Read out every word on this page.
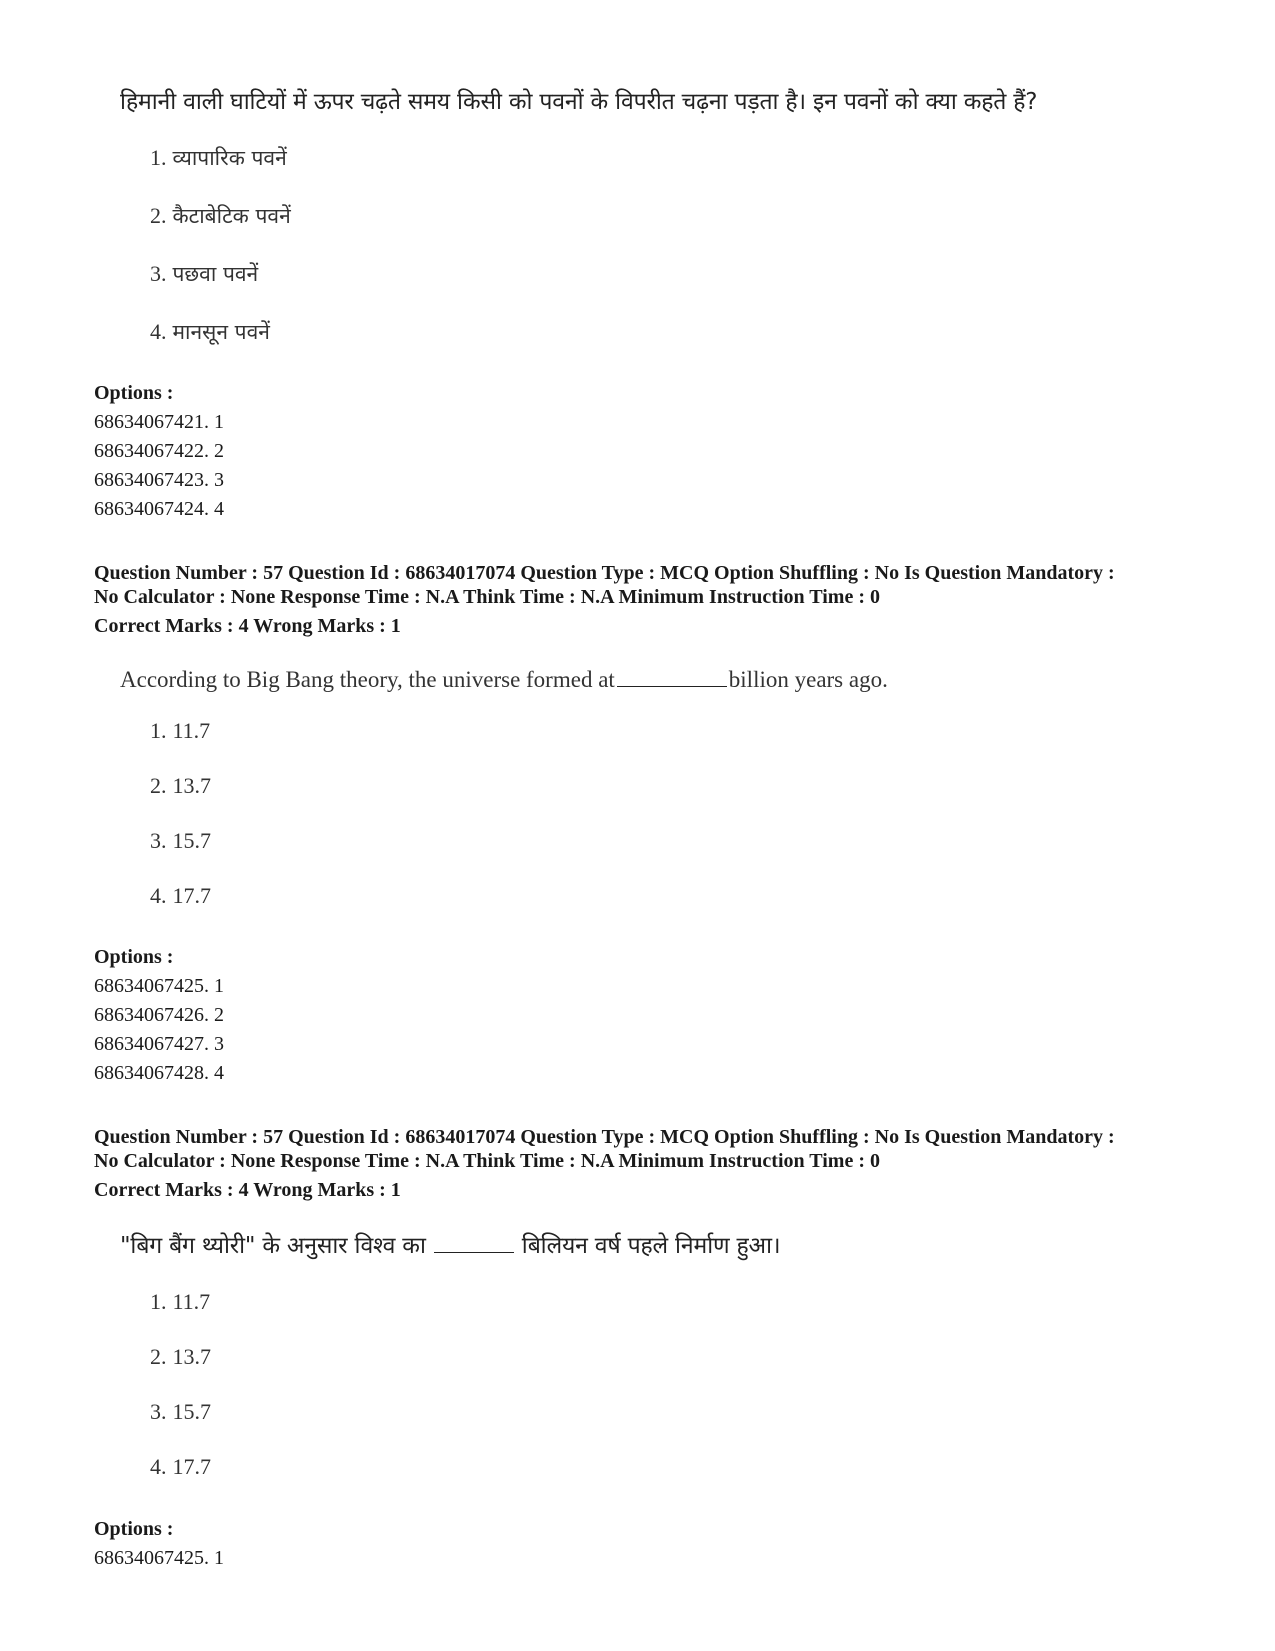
हिमानी वाली घाटियों में ऊपर चढ़ते समय किसी को पवनों के विपरीत चढ़ना पड़ता है। इन पवनों को क्या कहते हैं?
1. व्यापारिक पवनें
2. कैटाबेटिक पवनें
3. पछवा पवनें
4. मानसून पवनें
Options :
68634067421. 1
68634067422. 2
68634067423. 3
68634067424. 4
Question Number : 57 Question Id : 68634017074 Question Type : MCQ Option Shuffling : No Is Question Mandatory :
No Calculator : None Response Time : N.A Think Time : N.A Minimum Instruction Time : 0
Correct Marks : 4 Wrong Marks : 1
According to Big Bang theory, the universe formed at	billion years ago.
1. 11.7
2. 13.7
3. 15.7
4. 17.7
Options :
68634067425. 1
68634067426. 2
68634067427. 3
68634067428. 4
Question Number : 57 Question Id : 68634017074 Question Type : MCQ Option Shuffling : No Is Question Mandatory :
No Calculator : None Response Time : N.A Think Time : N.A Minimum Instruction Time : 0
Correct Marks : 4 Wrong Marks : 1
"बिग बैंग थ्योरी" के अनुसार विश्व का	बिलियन वर्ष पहले निर्माण हुआ।
1. 11.7
2. 13.7
3. 15.7
4. 17.7
Options :
68634067425. 1
